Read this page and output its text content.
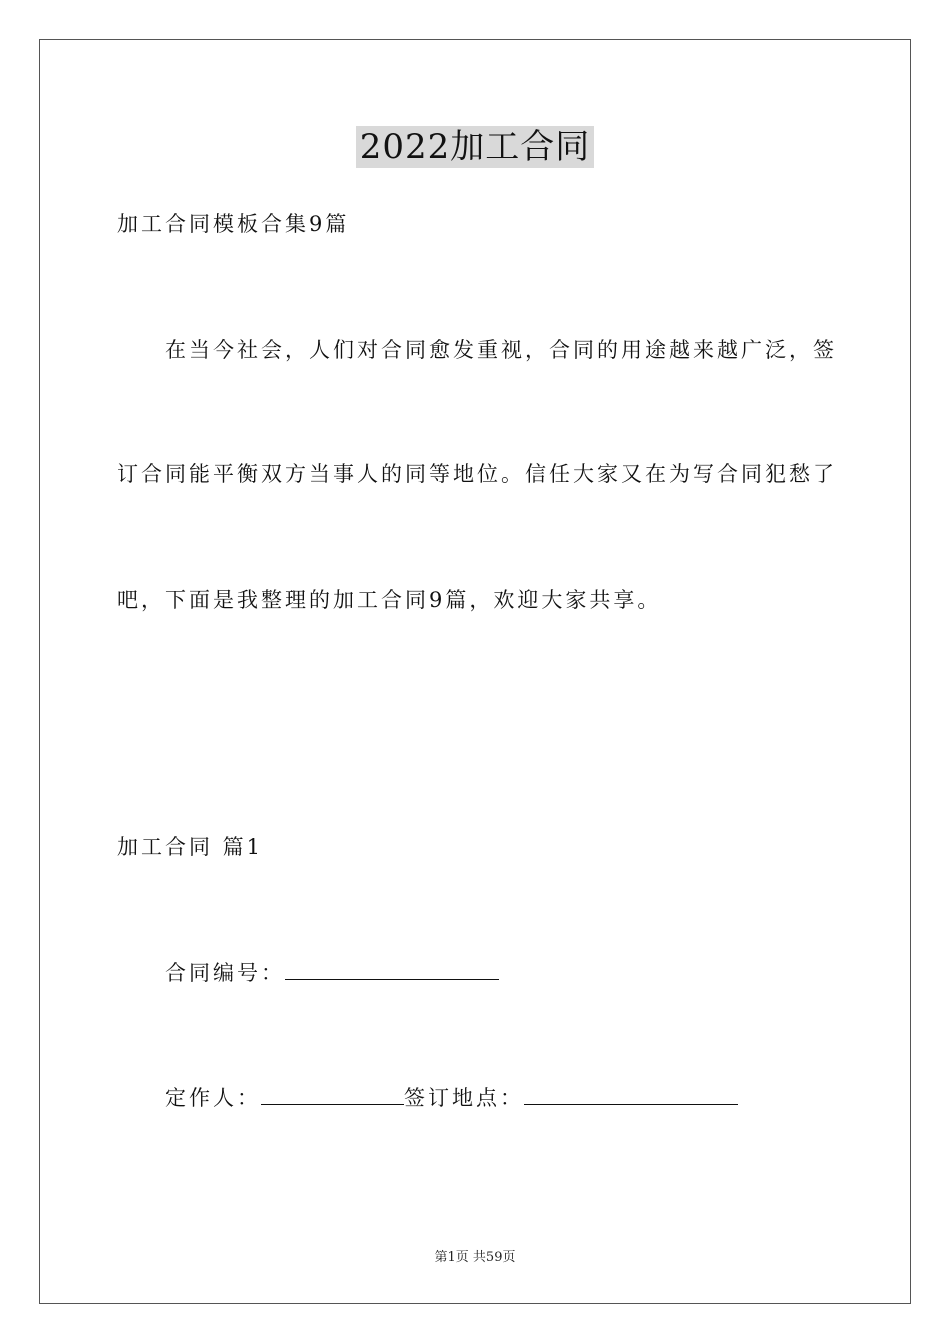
2022加工合同
加工合同模板合集9篇
在当今社会，人们对合同愈发重视，合同的用途越来越广泛，签
订合同能平衡双方当事人的同等地位。信任大家又在为写合同犯愁了
吧，下面是我整理的加工合同9篇，欢迎大家共享。
加工合同 篇1
合同编号：
定作人：	签订地点：
第1页 共59页
